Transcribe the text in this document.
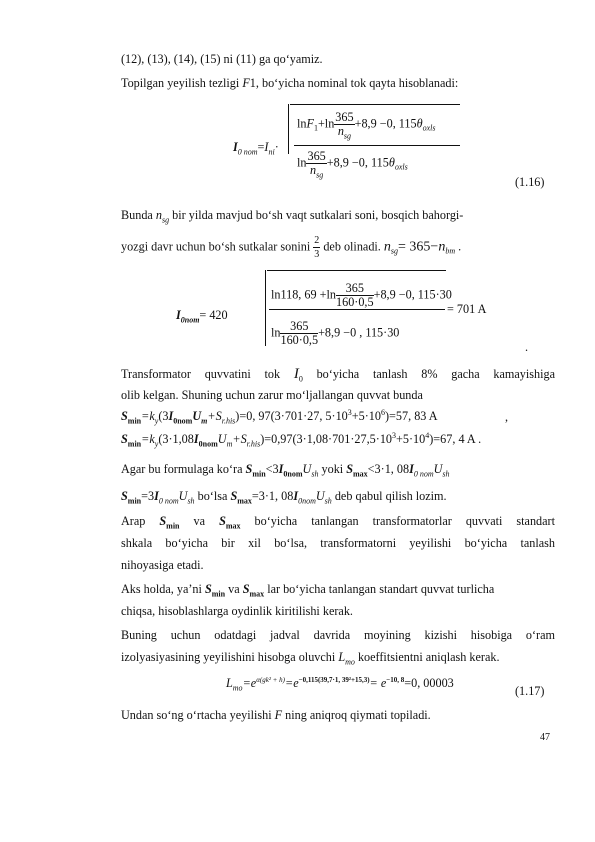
(12), (13), (14), (15) ni (11) ga qo‘yamiz.
Topilgan yeyilish tezligi F1, bo‘yicha nominal tok qayta hisoblanadi:
$I_{0 nom}=I_{ni}\cdot$
$\ln F_1+\ln \frac{365}{n_{sg}} +8,9 -0$, $115\theta_{oxls}$
$\ln \frac{365}{n_{sg}} +8,9 -0$, $115\theta_{oxls}$
(1.16)
Bunda $n_{sg}$ bir yilda mavjud bo‘sh vaqt sutkalari soni, bosqich bahorgi-
yozgi davr uchun bo‘sh sutkalar sonini $\frac{2}{3}$ deb olinadi. $n_{sg}= 365-n_{bm}$ .
$I_{0nom}= 420$
ln118, $69 +\ln \frac{365}{160\cdot 0,5} +8,9 -0$, 115·30
= 701 A
$\ln \frac{365}{160\cdot 0,5} +8,9 -0$ , 115·30
.
Transformator quvvatini tok $I_0$ bo‘yicha tanlash 8% gacha kamayishiga
olib kelgan. Shuning uchun zarur mo‘ljallangan quvvat bunda
$S_{min}=k_y(3I_{0nom}U_m+S_{r.his})=0$, 97(3·701·27, $5\cdot 10^3+5\cdot 10^6)=57$, 83 A	,
$S_{min}=k_y(3\cdot 1,08I_{0nom}U_m+S_{r.his})=0,97(3\cdot 1,08\cdot 701\cdot 27,5\cdot 10^3+5\cdot 10^4)=67$, 4 A .
Agar bu formulaga ko‘ra $S_{min}<3I_{0nom}U_{sh}$ yoki $S_{max}<3\cdot 1$, $08I_{0 nom}U_{sh}$
$S_{min}=3I_{0 nom}U_{sh}$ bo‘lsa $S_{max}=3\cdot 1$, $08I_{0nom}U_{sh}$ deb qabul qilish lozim.
Arap $S_{min}$ va $S_{max}$ bo‘yicha tanlangan transformatorlar quvvati standart
shkala bo‘yicha bir xil bo‘lsa, transformatorni yeyilishi bo‘yicha tanlash
nihoyasiga etadi.
Aks holda, ya’ni $S_{min}$ va $S_{max}$ lar bo‘yicha tanlangan standart quvvat turlicha
chiqsa, hisoblashlarga oydinlik kiritilishi kerak.
Buning uchun odatdagi jadval davrida moyining kizishi hisobiga o‘ram
izolyasiyasining yeyilishini hisobga oluvchi $L_{mo}$ koeffitsientni aniqlash kerak.
$L_{mo}=e^{\alpha(gk^2 + h)}=e^{-0,115(39,7\cdot 1, 39^2+15,3)}= e^{-10, 8}=0$, 00003
(1.17)
Undan so‘ng o‘rtacha yeyilishi F ning aniqroq qiymati topiladi.
47
